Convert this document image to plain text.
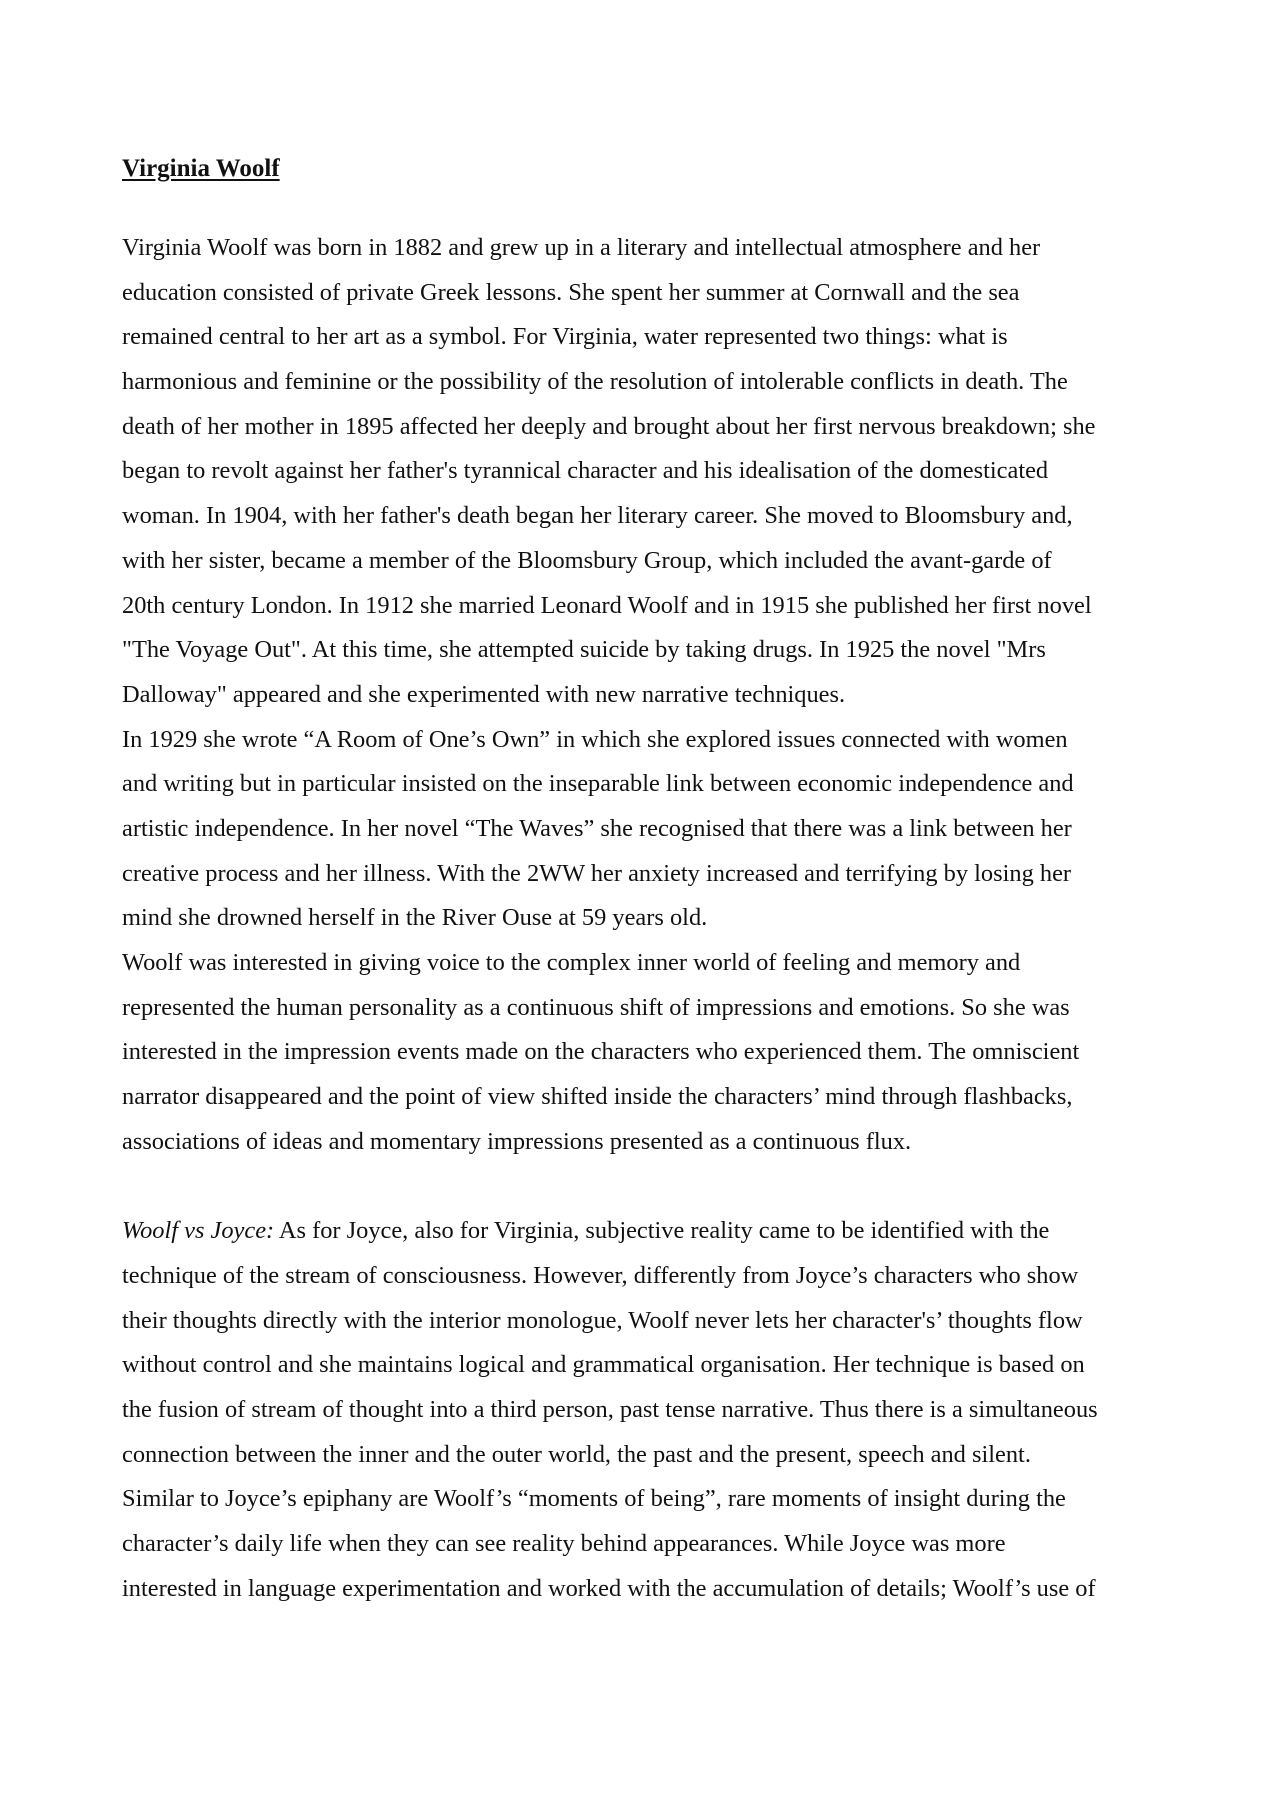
Virginia Woolf
Virginia Woolf was born in 1882 and grew up in a literary and intellectual atmosphere and her
education consisted of private Greek lessons. She spent her summer at Cornwall and the sea
remained central to her art as a symbol. For Virginia, water represented two things: what is
harmonious and feminine or the possibility of the resolution of intolerable conflicts in death. The
death of her mother in 1895 affected her deeply and brought about her first nervous breakdown; she
began to revolt against her father's tyrannical character and his idealisation of the domesticated
woman. In 1904, with her father's death began her literary career. She moved to Bloomsbury and,
with her sister, became a member of the Bloomsbury Group, which included the avant-garde of
20th century London. In 1912 she married Leonard Woolf and in 1915 she published her first novel
"The Voyage Out". At this time, she attempted suicide by taking drugs. In 1925 the novel "Mrs
Dalloway" appeared and she experimented with new narrative techniques.
In 1929 she wrote “A Room of One’s Own” in which she explored issues connected with women
and writing but in particular insisted on the inseparable link between economic independence and
artistic independence. In her novel “The Waves” she recognised that there was a link between her
creative process and her illness. With the 2WW her anxiety increased and terrifying by losing her
mind she drowned herself in the River Ouse at 59 years old.
Woolf was interested in giving voice to the complex inner world of feeling and memory and
represented the human personality as a continuous shift of impressions and emotions. So she was
interested in the impression events made on the characters who experienced them. The omniscient
narrator disappeared and the point of view shifted inside the characters’ mind through flashbacks,
associations of ideas and momentary impressions presented as a continuous flux.
Woolf vs Joyce: As for Joyce, also for Virginia, subjective reality came to be identified with the
technique of the stream of consciousness. However, differently from Joyce’s characters who show
their thoughts directly with the interior monologue, Woolf never lets her character's’ thoughts flow
without control and she maintains logical and grammatical organisation. Her technique is based on
the fusion of stream of thought into a third person, past tense narrative. Thus there is a simultaneous
connection between the inner and the outer world, the past and the present, speech and silent.
Similar to Joyce’s epiphany are Woolf’s “moments of being”, rare moments of insight during the
character’s daily life when they can see reality behind appearances. While Joyce was more
interested in language experimentation and worked with the accumulation of details; Woolf’s use of
